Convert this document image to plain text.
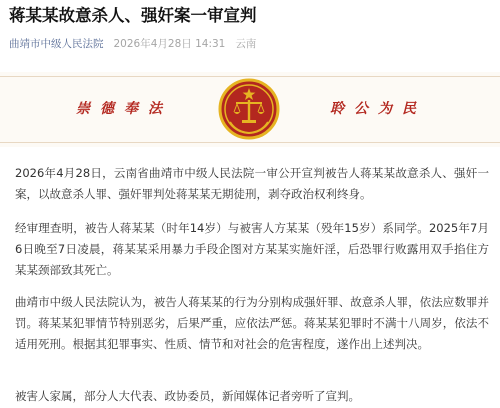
蒋某某故意杀人、强奸案一审宣判
曲靖市中级人民法院 2026年4月28日 14:31 云南
崇德奉法	聆公为民

2026年4月28日，云南省曲靖市中级人民法院一审公开宣判被告人蒋某某故意杀人、强奸一案，以故意杀人罪、强奸罪判处蒋某某无期徒刑，剥夺政治权利终身。

经审理查明，被告人蒋某某（时年14岁）与被害人方某某（殁年15岁）系同学。2025年7月6日晚至7日凌晨，蒋某某采用暴力手段企图对方某某实施奸淫，后恐罪行败露用双手掐住方某某颈部致其死亡。

曲靖市中级人民法院认为，被告人蒋某某的行为分别构成强奸罪、故意杀人罪，依法应数罪并罚。蒋某某犯罪情节特别恶劣，后果严重，应依法严惩。蒋某某犯罪时不满十八周岁，依法不适用死刑。根据其犯罪事实、性质、情节和对社会的危害程度，遂作出上述判决。

被害人家属，部分人大代表、政协委员，新闻媒体记者旁听了宣判。
